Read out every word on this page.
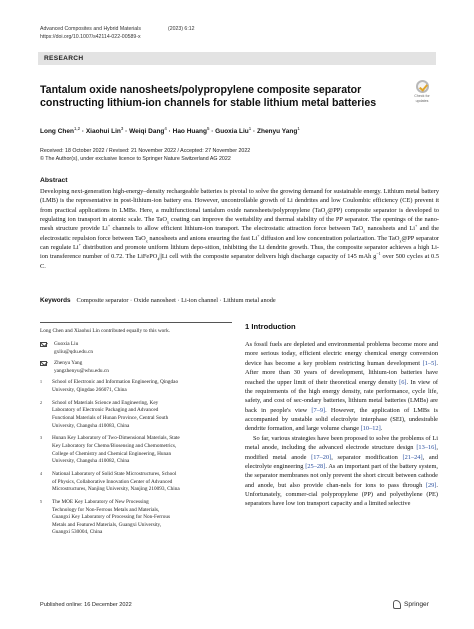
Advanced Composites and Hybrid Materials	(2023) 6:12
https://doi.org/10.1007/s42114-022-00589-x
RESEARCH
Check for
updates
Tantalum oxide nanosheets/polypropylene composite separator
constructing lithium-ion channels for stable lithium metal batteries
Long Chen$^{1,2}$ · Xiaohui Lin$^3$ · Weiqi Dang$^4$ · Hao Huang$^5$ · Guoxia Liu$^1$ · Zhenyu Yang$^1$
Received: 18 October 2022 / Revised: 21 November 2022 / Accepted: 27 November 2022
© The Author(s), under exclusive licence to Springer Nature Switzerland AG 2022
Abstract
Developing next-generation high-energy–density rechargeable batteries is pivotal to solve the growing demand for sustainable energy. Lithium metal battery (LMB) is the representative in post-lithium-ion battery era. However, uncontrollable growth of Li dendrites and low Coulombic efficiency (CE) prevent it from practical applications in LMBs. Here, a multifunctional tantalum oxide nanosheets/polypropylene (TaO$_x$@PP) composite separator is developed to regulating ion transport in atomic scale. The TaO$_x$ coating can improve the wettability and thermal stability of the PP separator. The openings of the nano-mesh structure provide Li+ channels to allow efficient lithium-ion transport. The electrostatic attraction force between TaO$_x$ nanosheets and Li+ and the electrostatic repulsion force between TaO$_x$ nanosheets and anions ensuring the fast Li+ diffusion and low concentration polarization. The TaO$_x$@PP separator can regulate Li+ distribution and promote uniform lithium depo-sition, inhibiting the Li dendrite growth. Thus, the composite separator achieves a high Li-ion transference number of 0.72. The LiFePO$_4$||Li cell with the composite separator delivers high discharge capacity of 145 mAh $g^{-1}$ over 500 cycles at 0.5 C.
Keywords Composite separator · Oxide nanosheet · Li-ion channel · Lithium metal anode
Long Chen and Xiaohui Lin contributed equally to this work.
Guoxia Liu
gxliu@qdu.edu.cn
Zhenyu Yang
yangzhenyu@whu.edu.cn
1	School of Electronic and Information Engineering, Qingdao
University, Qingdao 266071, China
2	School of Materials Science and Engineering, Key
Laboratory of Electronic Packaging and Advanced
Functional Materials of Hunan Province, Central South
University, Changsha 410083, China
3	Hunan Key Laboratory of Two-Dimensional Materials, State
Key Laboratory for Chemo/Biosensing and Chemometrics,
College of Chemistry and Chemical Engineering, Hunan
University, Changsha 410082, China
4	National Laboratory of Solid State Microstructures, School
of Physics, Collaborative Innovation Center of Advanced
Microstructures, Nanjing University, Nanjing 210093, China
5	The MOE Key Laboratory of New Processing
Technology for Non-Ferrous Metals and Materials,
Guangxi Key Laboratory of Processing for Non-Ferrous
Metals and Featured Materials, Guangxi University,
Guangxi 530004, China
1 Introduction

As fossil fuels are depleted and environmental problems become more and more serious today, efficient electric energy chemical energy conversion device has become a key problem restricting human development [1–5]. After more than 30 years of development, lithium-ion batteries have reached the upper limit of their theoretical energy density [6]. In view of the requirements of the high energy density, rate performance, cycle life, safety, and cost of sec-ondary batteries, lithium metal batteries (LMBs) are back in people's view [7–9]. However, the application of LMBs is accompanied by unstable solid electrolyte interphase (SEI), undesirable dendrite formation, and large volume change [10–12].

So far, various strategies have been proposed to solve the problems of Li metal anode, including the advanced electrode structure design [13–16], modified metal anode [17–20], separator modification [21–24], and electrolyte engineering [25–28]. As an important part of the battery system, the separator membranes not only prevent the short circuit between cathode and anode, but also provide chan-nels for ions to pass through [29]. Unfortunately, commer-cial polypropylene (PP) and polyethylene (PE) separators have low ion transport capacity and a limited selective

Published online: 16 December 2022	Springer
